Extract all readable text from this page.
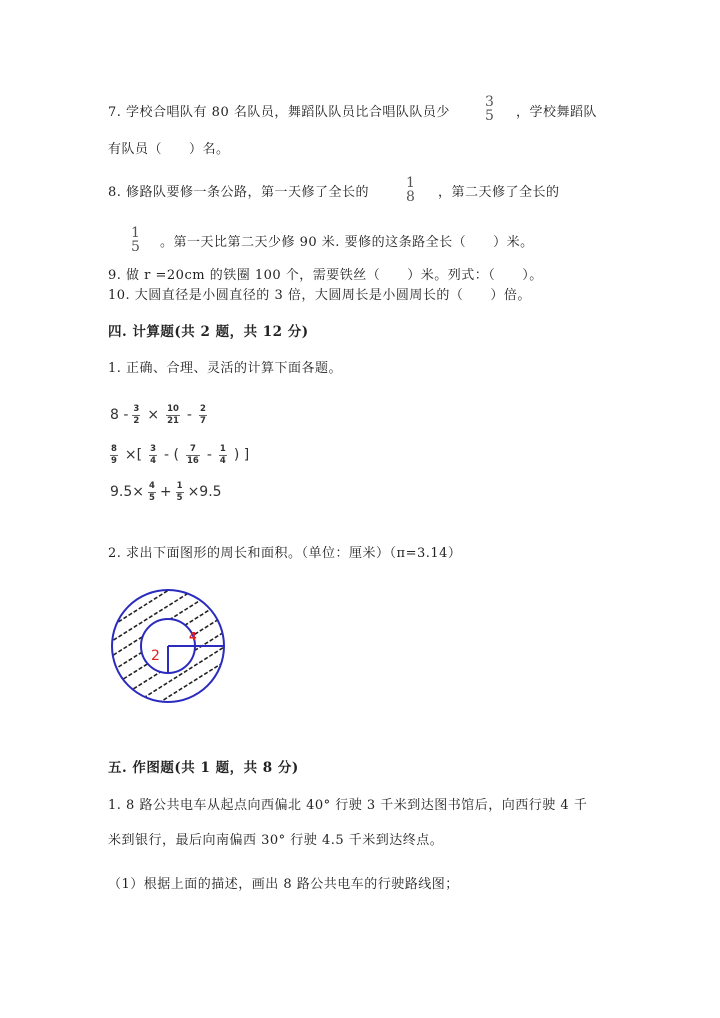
7. 学校合唱队有 80 名队员，舞蹈队队员比合唱队队员少
3
5 ，学校舞蹈队
有队员（　　）名。
8. 修路队要修一条公路，第一天修了全长的
1
8 ，第二天修了全长的
1
5 。第一天比第二天少修 90 米. 要修的这条路全长（　　）米。
9. 做 r =20cm 的铁圈 100 个，需要铁丝（　　）米。列式：（　　）。
10. 大圆直径是小圆直径的 3 倍，大圆周长是小圆周长的（　　）倍。
四. 计算题(共 2 题，共 12 分)
1. 正确、合理、灵活的计算下面各题。
$8 - \frac{3}{2} \times \frac{10}{21} - \frac{2}{7}$
$\frac{8}{9}$ ×[ $\frac{3}{4}$ - ( $\frac{7}{16} - \frac{1}{4}$ ) ]
$9.5\times \frac{4}{5} + \frac{1}{5} \times 9.5$
2. 求出下面图形的周长和面积。（单位：厘米）（π=3.14）
2
4
五. 作图题(共 1 题，共 8 分)
1. 8 路公共电车从起点向西偏北 40° 行驶 3 千米到达图书馆后，向西行驶 4 千
米到银行，最后向南偏西 30° 行驶 4.5 千米到达终点。
（1）根据上面的描述，画出 8 路公共电车的行驶路线图；
